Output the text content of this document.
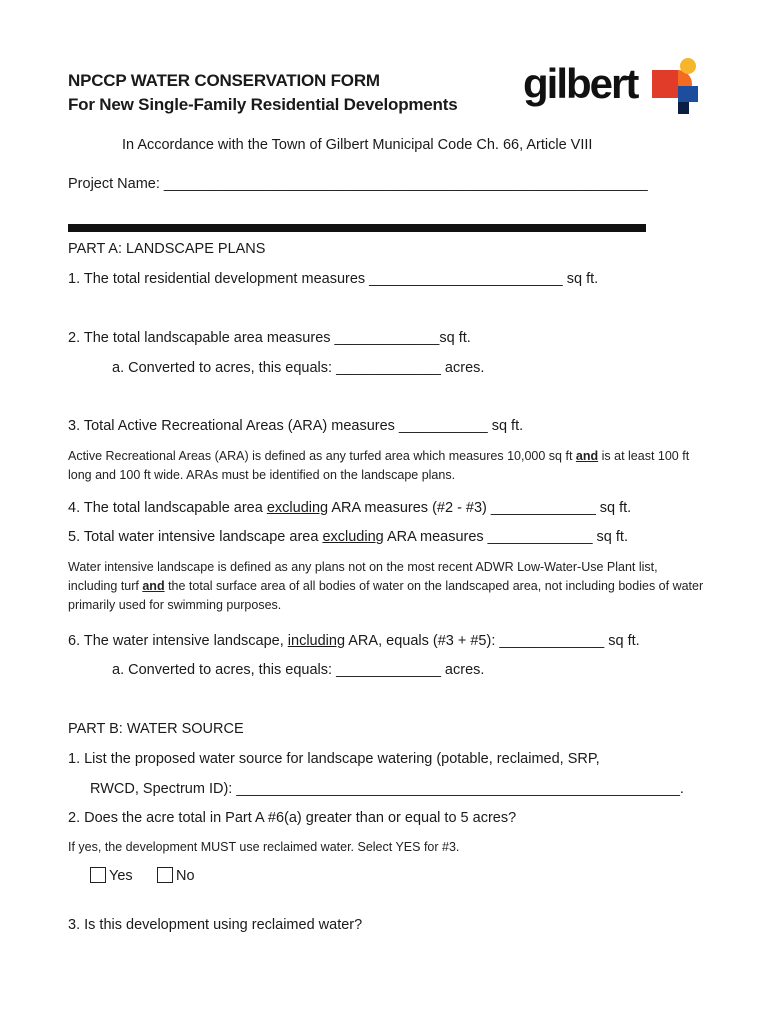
NPCCP WATER CONSERVATION FORM
For New Single-Family Residential Developments gilbert
In Accordance with the Town of Gilbert Municipal Code Ch. 66, Article VIII
Project Name: ____________________________________________________________
PART A: LANDSCAPE PLANS
1. The total residential development measures ________________________ sq ft.
2. The total landscapable area measures _____________sq ft.
a. Converted to acres, this equals: _____________ acres.
3. Total Active Recreational Areas (ARA) measures ___________ sq ft.
Active Recreational Areas (ARA) is defined as any turfed area which measures 10,000 sq ft and is at least 100 ft long and 100 ft wide. ARAs must be identified on the landscape plans.
4. The total landscapable area excluding ARA measures (#2 - #3) _____________ sq ft.
5. Total water intensive landscape area excluding ARA measures _____________ sq ft.
Water intensive landscape is defined as any plans not on the most recent ADWR Low-Water-Use Plant list, including turf and the total surface area of all bodies of water on the landscaped area, not including bodies of water primarily used for swimming purposes.
6. The water intensive landscape, including ARA, equals (#3 + #5): _____________ sq ft.
a. Converted to acres, this equals: _____________ acres.
PART B: WATER SOURCE
1. List the proposed water source for landscape watering (potable, reclaimed, SRP,
RWCD, Spectrum ID): _______________________________________________________.
2. Does the acre total in Part A #6(a) greater than or equal to 5 acres?
If yes, the development MUST use reclaimed water. Select YES for #3.
Yes	No
3. Is this development using reclaimed water?
